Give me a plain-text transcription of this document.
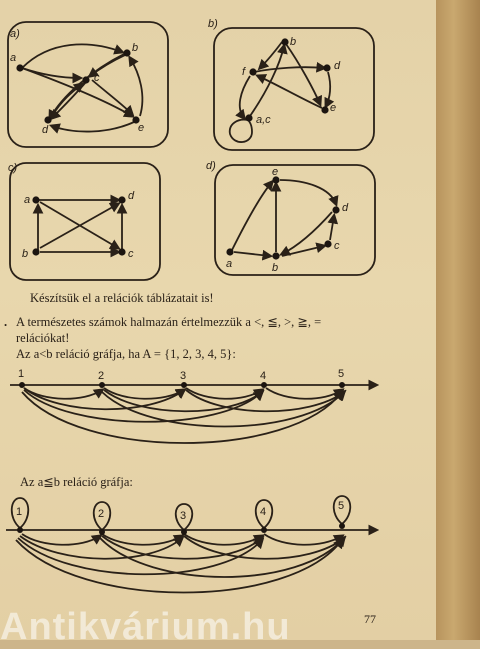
a)
a
b
c
d	e
b)
b
f	d
e
a,c
c)
a	d
b	c
d)	e
d
c
b
a
Készítsük el a relációk táblázatait is!
. A természetes számok halmazán értelmezzük a <, ≦, >, ≧, =
relációkat!
Az a<b reláció gráfja, ha A = {1, 2, 3, 4, 5}:
1	2	3	4	5
Az a≦b reláció gráfja:
1	2	3	4	5
77
Antikvárium.hu
